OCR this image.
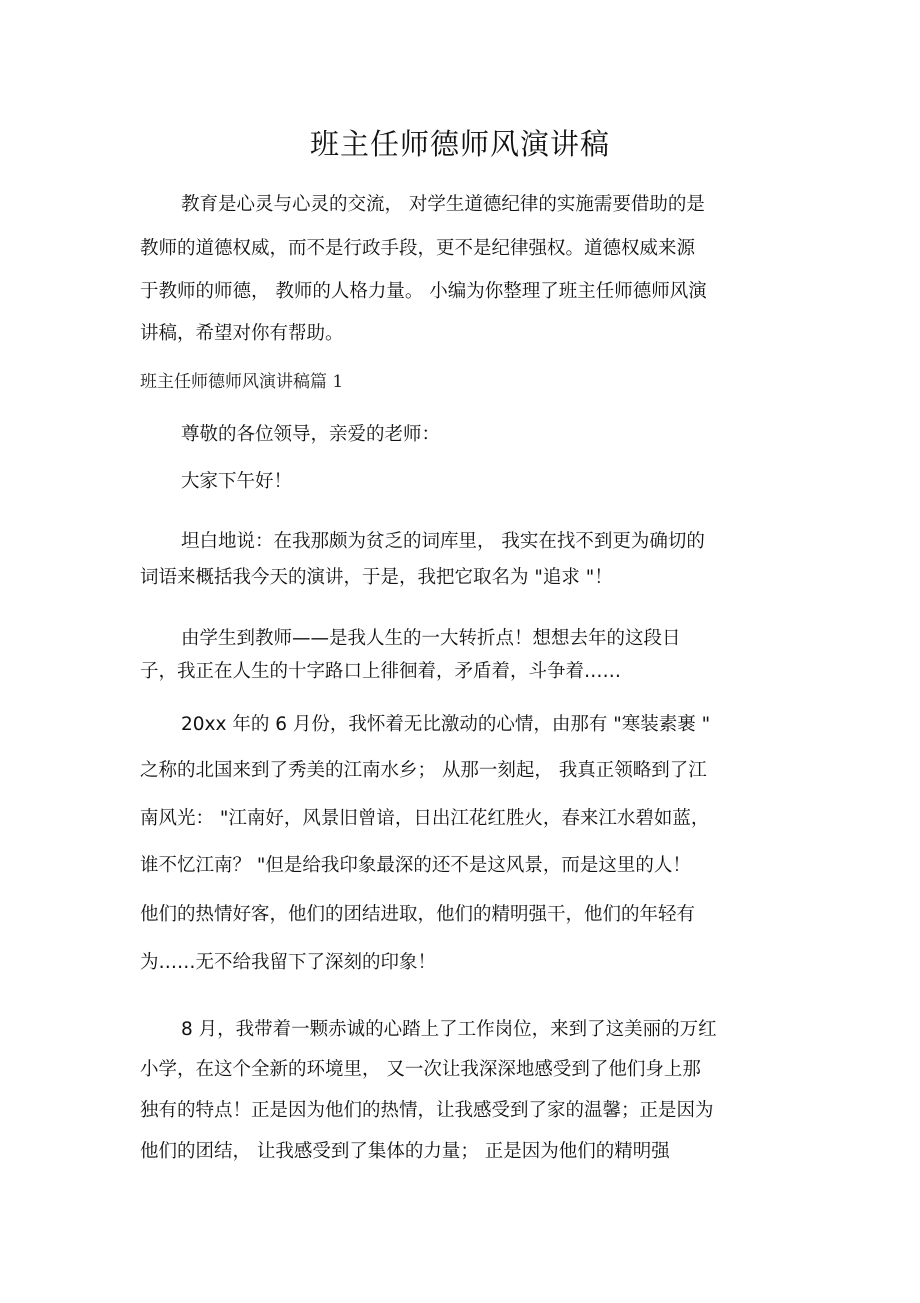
班主任师德师风演讲稿
教育是心灵与心灵的交流， 对学生道德纪律的实施需要借助的是
教师的道德权威，而不是行政手段，更不是纪律强权。道德权威来源
于教师的师德， 教师的人格力量。 小编为你整理了班主任师德师风演
讲稿，希望对你有帮助。
班主任师德师风演讲稿篇 1
尊敬的各位领导，亲爱的老师：
大家下午好！
坦白地说：在我那颇为贫乏的词库里， 我实在找不到更为确切的
词语来概括我今天的演讲，于是，我把它取名为 "追求 "！
由学生到教师——是我人生的一大转折点！想想去年的这段日
子，我正在人生的十字路口上徘徊着，矛盾着，斗争着……
20xx 年的 6 月份，我怀着无比激动的心情，由那有 "寒装素裹 "
之称的北国来到了秀美的江南水乡； 从那一刻起， 我真正领略到了江
南风光： "江南好，风景旧曾谙，日出江花红胜火，春来江水碧如蓝，
谁不忆江南？ "但是给我印象最深的还不是这风景，而是这里的人！
他们的热情好客，他们的团结进取，他们的精明强干，他们的年轻有
为……无不给我留下了深刻的印象！
8 月，我带着一颗赤诚的心踏上了工作岗位，来到了这美丽的万红
小学，在这个全新的环境里， 又一次让我深深地感受到了他们身上那
独有的特点！正是因为他们的热情，让我感受到了家的温馨；正是因为
他们的团结， 让我感受到了集体的力量； 正是因为他们的精明强
